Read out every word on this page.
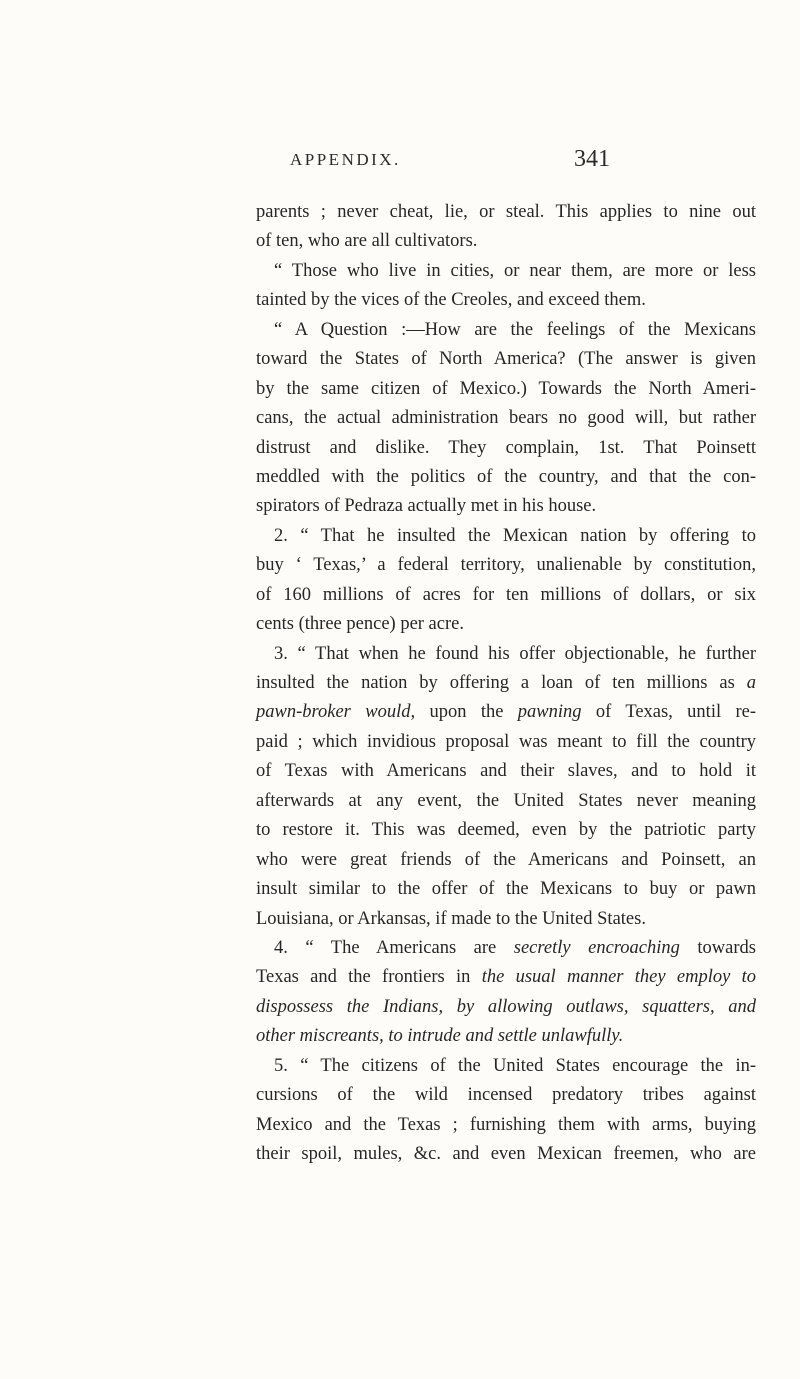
APPENDIX.	341
parents ; never cheat, lie, or steal. This applies to nine out
of ten, who are all cultivators.
“ Those who live in cities, or near them, are more or less
tainted by the vices of the Creoles, and exceed them.
“ A Question :—How are the feelings of the Mexicans
toward the States of North America? (The answer is given
by the same citizen of Mexico.) Towards the North Ameri-
cans, the actual administration bears no good will, but rather
distrust and dislike. They complain, 1st. That Poinsett
meddled with the politics of the country, and that the con-
spirators of Pedraza actually met in his house.
2. “ That he insulted the Mexican nation by offering to
buy ‘ Texas,’ a federal territory, unalienable by constitution,
of 160 millions of acres for ten millions of dollars, or six
cents (three pence) per acre.
3. “ That when he found his offer objectionable, he further
insulted the nation by offering a loan of ten millions as a
pawn-broker would, upon the pawning of Texas, until re-
paid ; which invidious proposal was meant to fill the country
of Texas with Americans and their slaves, and to hold it
afterwards at any event, the United States never meaning
to restore it. This was deemed, even by the patriotic party
who were great friends of the Americans and Poinsett, an
insult similar to the offer of the Mexicans to buy or pawn
Louisiana, or Arkansas, if made to the United States.
4. “ The Americans are secretly encroaching towards
Texas and the frontiers in the usual manner they employ to
dispossess the Indians, by allowing outlaws, squatters, and
other miscreants, to intrude and settle unlawfully.
5. “ The citizens of the United States encourage the in-
cursions of the wild incensed predatory tribes against
Mexico and the Texas ; furnishing them with arms, buying
their spoil, mules, &c. and even Mexican freemen, who are
